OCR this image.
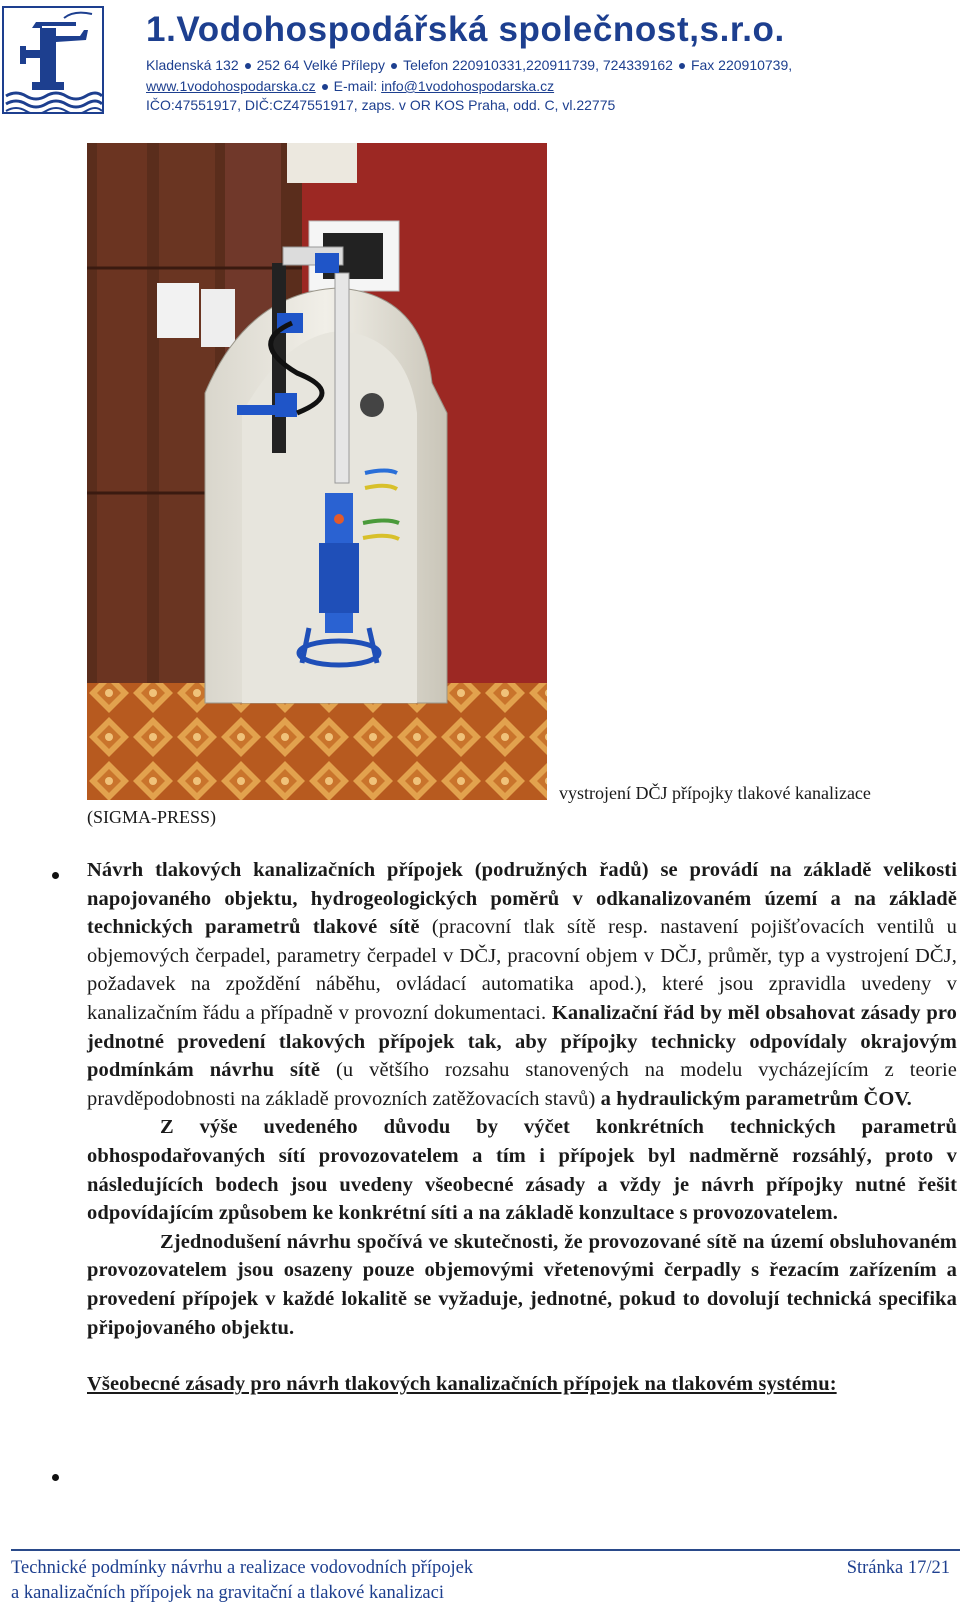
1.Vodohospodářská společnost,s.r.o.
Kladenská 132 252 64 Velké Přílepy Telefon 220910331,220911739, 724339162 Fax 220910739,
www.1vodohospodarska.cz E-mail: info@1vodohospodarska.cz
IČO:47551917, DIČ:CZ47551917, zaps. v OR KOS Praha, odd. C, vl.22775
vystrojení DČJ přípojky tlakové kanalizace
(SIGMA-PRESS)

Návrh tlakových kanalizačních přípojek (podružných řadů) se provádí na základě velikosti napojovaného objektu, hydrogeologických poměrů v odkanalizovaném území a na základě technických parametrů tlakové sítě (pracovní tlak sítě resp. nastavení pojišťovacích ventilů u objemových čerpadel, parametry čerpadel v DČJ, pracovní objem v DČJ, průměr, typ a vystrojení DČJ, požadavek na zpoždění náběhu, ovládací automatika apod.), které jsou zpravidla uvedeny v kanalizačním řádu a případně v provozní dokumentaci. Kanalizační řád by měl obsahovat zásady pro jednotné provedení tlakových přípojek tak, aby přípojky technicky odpovídaly okrajovým podmínkám návrhu sítě (u většího rozsahu stanovených na modelu vycházejícím z teorie pravděpodobnosti na základě provozních zatěžovacích stavů) a hydraulickým parametrům ČOV.

Z výše uvedeného důvodu by výčet konkrétních technických parametrů obhospodařovaných sítí provozovatelem a tím i přípojek byl nadměrně rozsáhlý, proto v následujících bodech jsou uvedeny všeobecné zásady a vždy je návrh přípojky nutné řešit odpovídajícím způsobem ke konkrétní síti a na základě konzultace s provozovatelem.

Zjednodušení návrhu spočívá ve skutečnosti, že provozované sítě na území obsluhovaném provozovatelem jsou osazeny pouze objemovými vřetenovými čerpadly s řezacím zařízením a provedení přípojek v každé lokalitě se vyžaduje, jednotné, pokud to dovolují technická specifika připojovaného objektu.

Všeobecné zásady pro návrh tlakových kanalizačních přípojek na tlakovém systému:

Technické podmínky návrhu a realizace vodovodních přípojek
a kanalizačních přípojek na gravitační a tlakové kanalizaci
Stránka 17/21
